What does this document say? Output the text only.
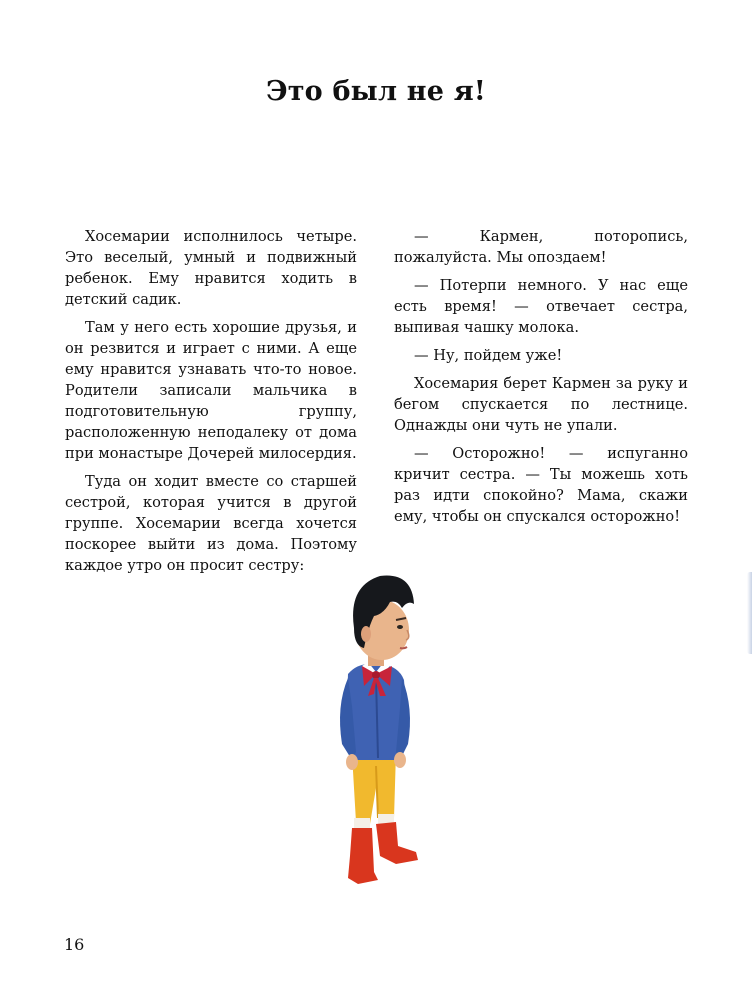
Это был не я!

Хосемарии исполнилось четыре. Это веселый, умный и подвижный ребенок. Ему нравится ходить в детский садик.

Там у него есть хорошие друзья, и он резвится и играет с ними. А еще ему нравится узнавать что-то новое. Родители записали мальчика в подготовительную группу, расположенную неподалеку от дома при монастыре Дочерей милосердия.

Туда он ходит вместе со старшей сестрой, которая учится в другой группе. Хосемарии всегда хочется поскорее выйти из дома. Поэтому каждое утро он просит сестру:

— Кармен, поторопись, пожалуйста. Мы опоздаем!

— Потерпи немного. У нас еще есть время! — отвечает сестра, выпивая чашку молока.

— Ну, пойдем уже!

Хосемария берет Кармен за руку и бегом спускается по лестнице. Однажды они чуть не упали.

— Осторожно! — испуганно кричит сестра. — Ты можешь хоть раз идти спокойно? Мама, скажи ему, чтобы он спускался осторожно!

16
